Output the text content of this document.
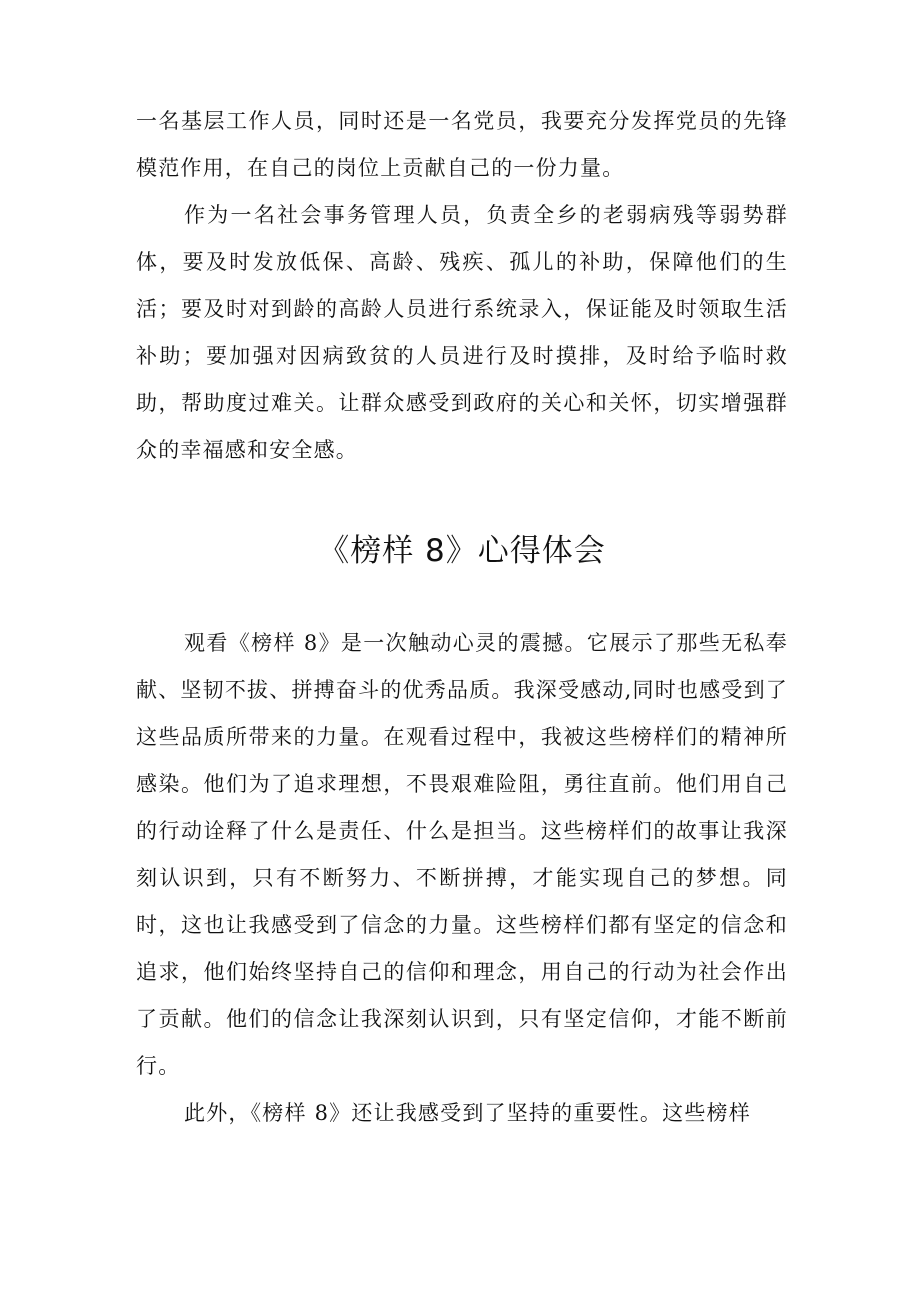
一名基层工作人员，同时还是一名党员，我要充分发挥党员的先锋模范作用，在自己的岗位上贡献自己的一份力量。

作为一名社会事务管理人员，负责全乡的老弱病残等弱势群体，要及时发放低保、高龄、残疾、孤儿的补助，保障他们的生活；要及时对到龄的高龄人员进行系统录入，保证能及时领取生活补助；要加强对因病致贫的人员进行及时摸排，及时给予临时救助，帮助度过难关。让群众感受到政府的关心和关怀，切实增强群众的幸福感和安全感。

《榜样 8》心得体会

观看《榜样 8》是一次触动心灵的震撼。它展示了那些无私奉献、坚韧不拔、拼搏奋斗的优秀品质。我深受感动,同时也感受到了这些品质所带来的力量。在观看过程中，我被这些榜样们的精神所感染。他们为了追求理想，不畏艰难险阻，勇往直前。他们用自己的行动诠释了什么是责任、什么是担当。这些榜样们的故事让我深刻认识到，只有不断努力、不断拼搏，才能实现自己的梦想。同时，这也让我感受到了信念的力量。这些榜样们都有坚定的信念和追求，他们始终坚持自己的信仰和理念，用自己的行动为社会作出了贡献。他们的信念让我深刻认识到，只有坚定信仰，才能不断前行。

此外，《榜样 8》还让我感受到了坚持的重要性。这些榜样
